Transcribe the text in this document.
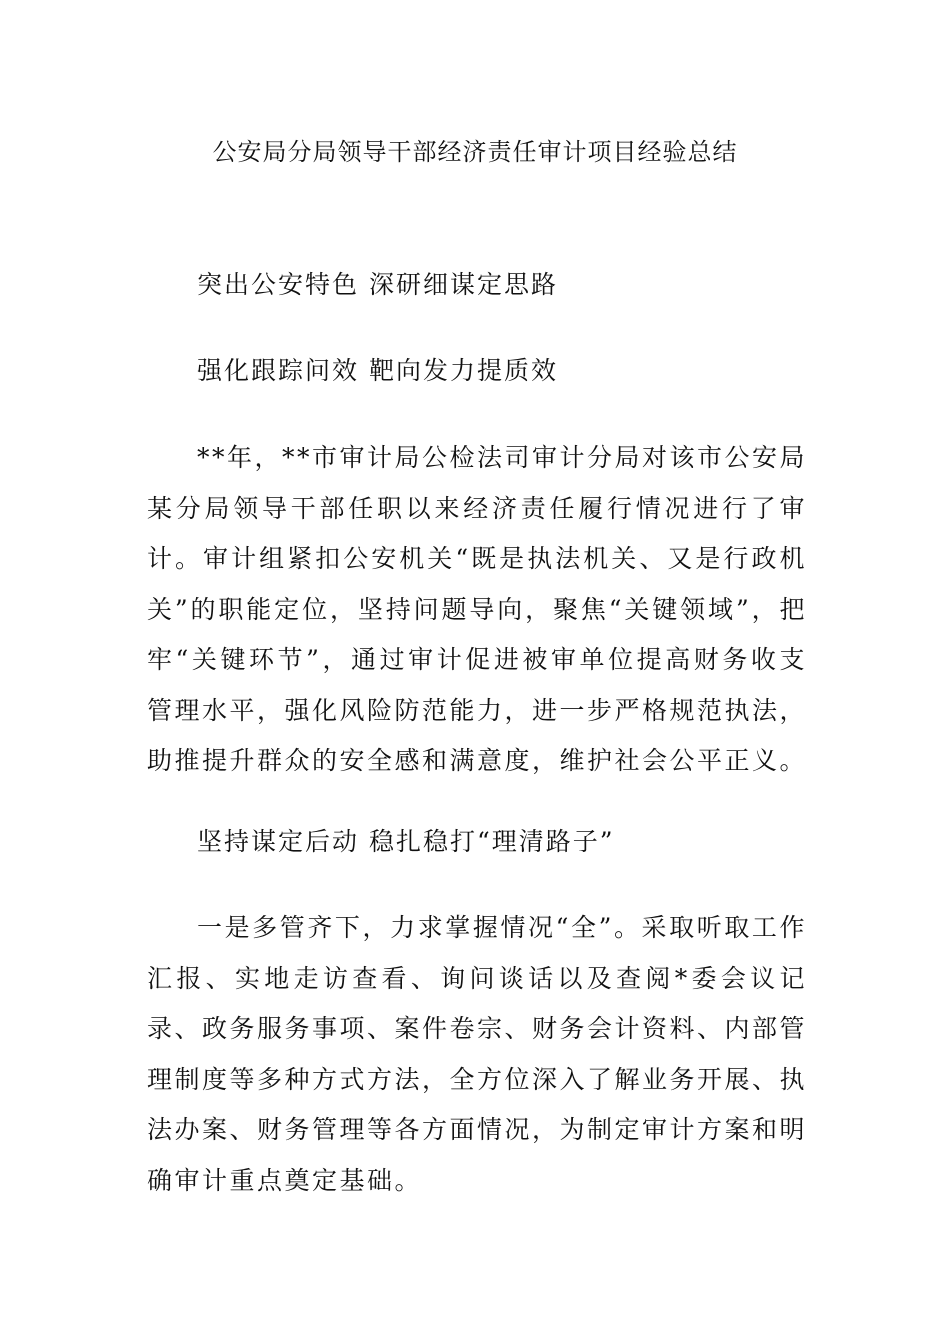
公安局分局领导干部经济责任审计项目经验总结
突出公安特色 深研细谋定思路
强化跟踪问效 靶向发力提质效
**年，**市审计局公检法司审计分局对该市公安局某分局领导干部任职以来经济责任履行情况进行了审计。审计组紧扣公安机关“既是执法机关、又是行政机关”的职能定位，坚持问题导向，聚焦“关键领域”，把牢“关键环节”，通过审计促进被审单位提高财务收支管理水平，强化风险防范能力，进一步严格规范执法，助推提升群众的安全感和满意度，维护社会公平正义。
坚持谋定后动 稳扎稳打“理清路子”
一是多管齐下，力求掌握情况“全”。采取听取工作汇报、实地走访查看、询问谈话以及查阅*委会议记录、政务服务事项、案件卷宗、财务会计资料、内部管理制度等多种方式方法，全方位深入了解业务开展、执法办案、财务管理等各方面情况，为制定审计方案和明确审计重点奠定基础。
